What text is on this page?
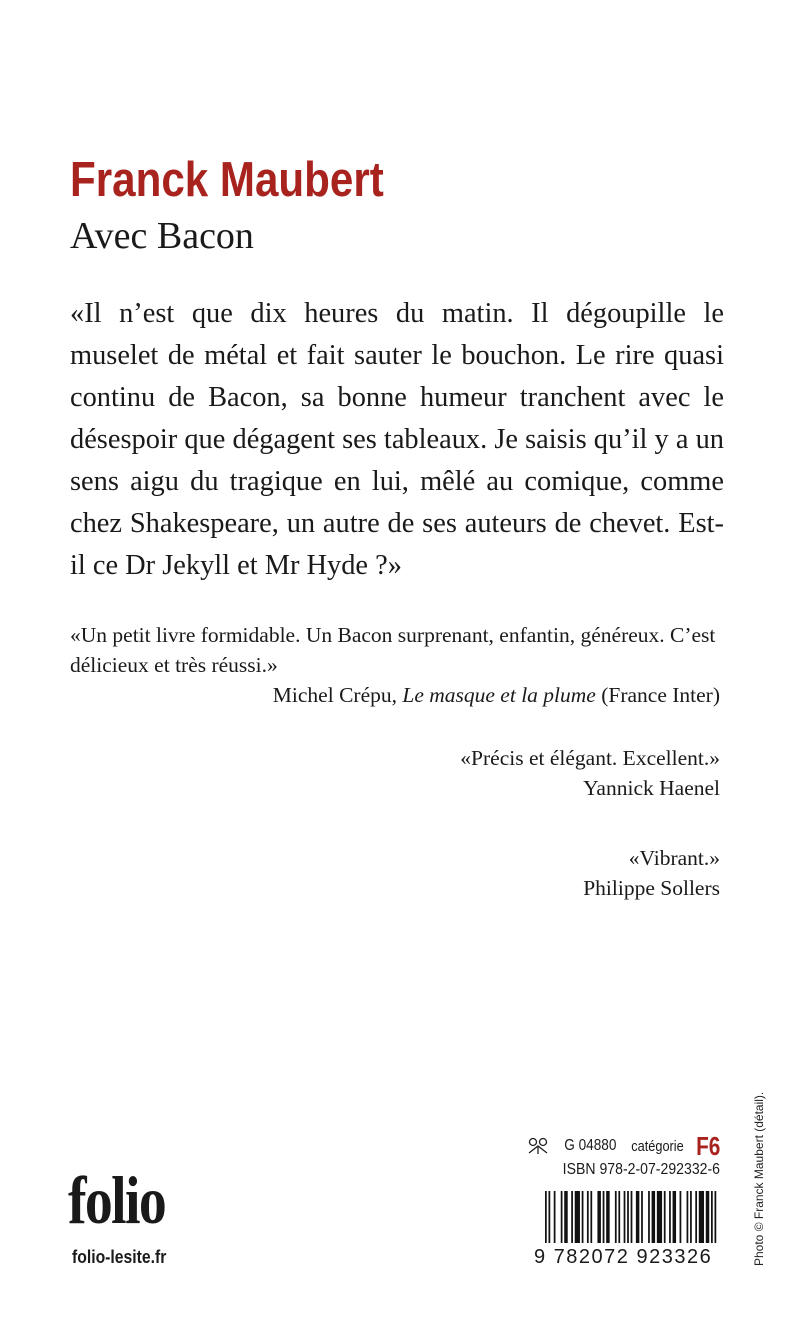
Franck Maubert
Avec Bacon
«Il n’est que dix heures du matin. Il dégoupille le muselet de métal et fait sauter le bouchon. Le rire quasi continu de Bacon, sa bonne humeur tranchent avec le désespoir que dégagent ses tableaux. Je saisis qu’il y a un sens aigu du tragique en lui, mêlé au comique, comme chez Shakespeare, un autre de ses auteurs de chevet. Est-il ce Dr Jekyll et Mr Hyde ?»
«Un petit livre formidable. Un Bacon surprenant, enfantin, généreux. C’est délicieux et très réussi.»
Michel Crépu, Le masque et la plume (France Inter)
«Précis et élégant. Excellent.»
Yannick Haenel
«Vibrant.»
Philippe Sollers
Photo © Franck Maubert (détail).
folio
folio-lesite.fr
G 04880 catégorie F6
ISBN 978-2-07-292332-6
9 782072 923326
